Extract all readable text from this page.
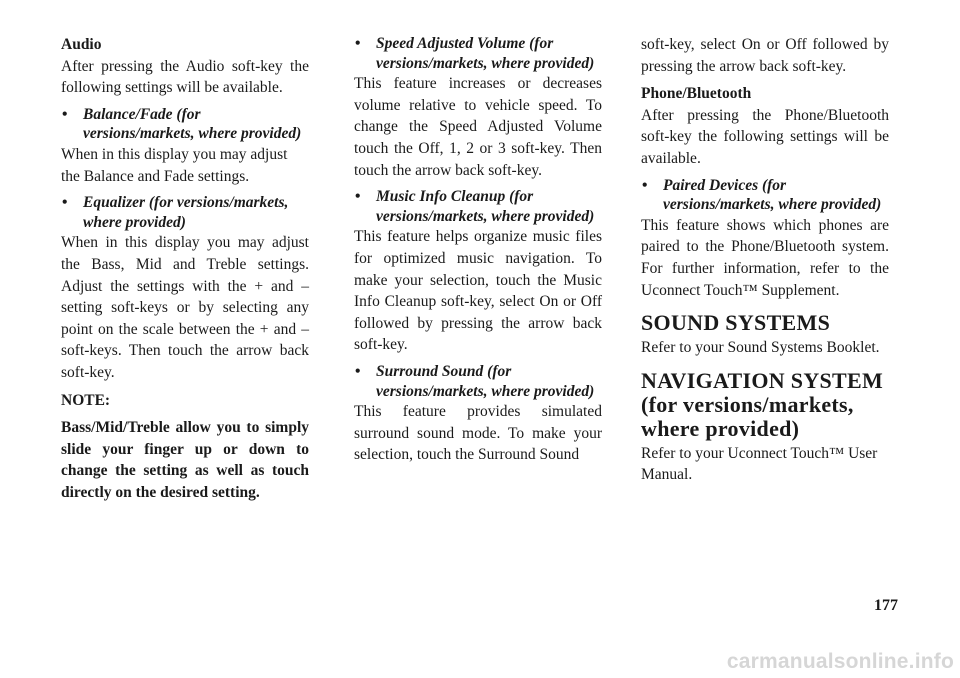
Audio

After pressing the Audio soft-key the following settings will be available.

• Balance/Fade (for versions/markets, where provided)

When in this display you may adjust the Balance and Fade settings.

• Equalizer (for versions/markets, where provided)

When in this display you may adjust the Bass, Mid and Treble settings. Adjust the settings with the + and – setting soft-keys or by selecting any point on the scale between the + and – soft-keys. Then touch the arrow back soft-key.

NOTE:

Bass/Mid/Treble allow you to simply slide your finger up or down to change the setting as well as touch directly on the desired setting.

• Speed Adjusted Volume (for versions/markets, where provided)

This feature increases or decreases volume relative to vehicle speed. To change the Speed Adjusted Volume touch the Off, 1, 2 or 3 soft-key. Then touch the arrow back soft-key.

• Music Info Cleanup (for versions/markets, where provided)

This feature helps organize music files for optimized music navigation. To make your selection, touch the Music Info Cleanup soft-key, select On or Off followed by pressing the arrow back soft-key.

• Surround Sound (for versions/markets, where provided)

This feature provides simulated surround sound mode. To make your selection, touch the Surround Sound

soft-key, select On or Off followed by pressing the arrow back soft-key.

Phone/Bluetooth

After pressing the Phone/Bluetooth soft-key the following settings will be available.

• Paired Devices (for versions/markets, where provided)

This feature shows which phones are paired to the Phone/Bluetooth system. For further information, refer to the Uconnect Touch™ Supplement.

SOUND SYSTEMS

Refer to your Sound Systems Booklet.

NAVIGATION SYSTEM (for versions/markets, where provided)

Refer to your Uconnect Touch™ User Manual.

177
carmanualsonline.info
